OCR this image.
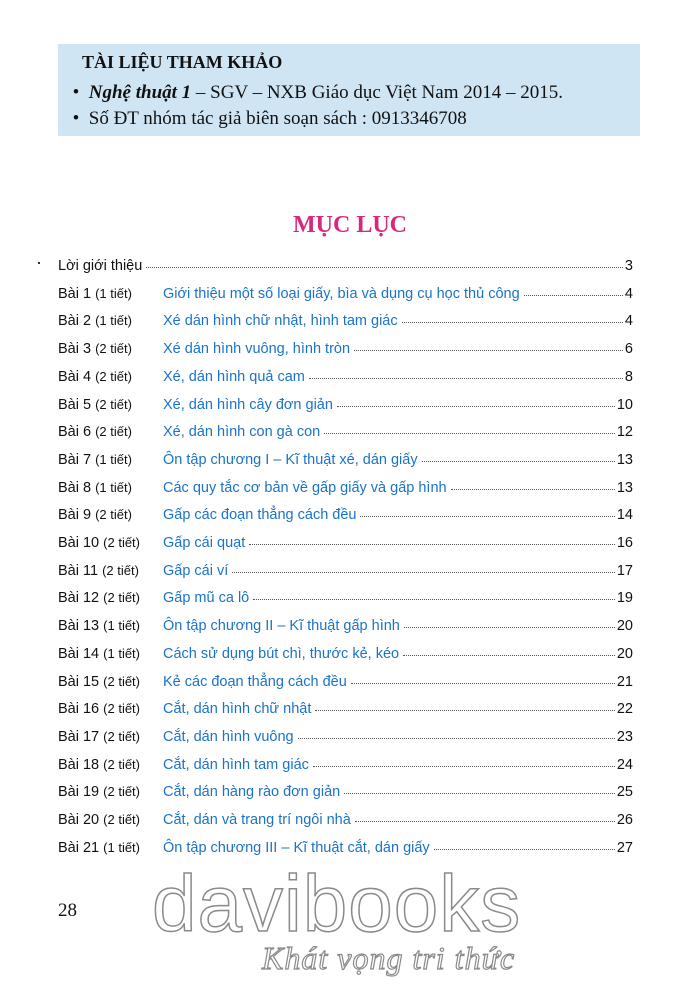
TÀI LIỆU THAM KHẢO
• Nghệ thuật 1 – SGV – NXB Giáo dục Việt Nam 2014 – 2015.
• Số ĐT nhóm tác giả biên soạn sách : 0913346708
MỤC LỤC
Lời giới thiệu	3
Bài 1 (1 tiết)	Giới thiệu một số loại giấy, bìa và dụng cụ học thủ công	4
Bài 2 (1 tiết)	Xé dán hình chữ nhật, hình tam giác	4
Bài 3 (2 tiết)	Xé dán hình vuông, hình tròn	6
Bài 4 (2 tiết)	Xé, dán hình quả cam	8
Bài 5 (2 tiết)	Xé, dán hình cây đơn giản	10
Bài 6 (2 tiết)	Xé, dán hình con gà con	12
Bài 7 (1 tiết)	Ôn tập chương I – Kĩ thuật xé, dán giấy	13
Bài 8 (1 tiết)	Các quy tắc cơ bản về gấp giấy và gấp hình	13
Bài 9 (2 tiết)	Gấp các đoạn thẳng cách đều	14
Bài 10 (2 tiết)	Gấp cái quạt	16
Bài 11 (2 tiết)	Gấp cái ví	17
Bài 12 (2 tiết)	Gấp mũ ca lô	19
Bài 13 (1 tiết)	Ôn tập chương II – Kĩ thuật gấp hình	20
Bài 14 (1 tiết)	Cách sử dụng bút chì, thước kẻ, kéo	20
Bài 15 (2 tiết)	Kẻ các đoạn thẳng cách đều	21
Bài 16 (2 tiết)	Cắt, dán hình chữ nhật	22
Bài 17 (2 tiết)	Cắt, dán hình vuông	23
Bài 18 (2 tiết)	Cắt, dán hình tam giác	24
Bài 19 (2 tiết)	Cắt, dán hàng rào đơn giản	25
Bài 20 (2 tiết)	Cắt, dán và trang trí ngôi nhà	26
Bài 21 (1 tiết)	Ôn tập chương III – Kĩ thuật cắt, dán giấy	27
28 davibooks
Khát vọng tri thức
